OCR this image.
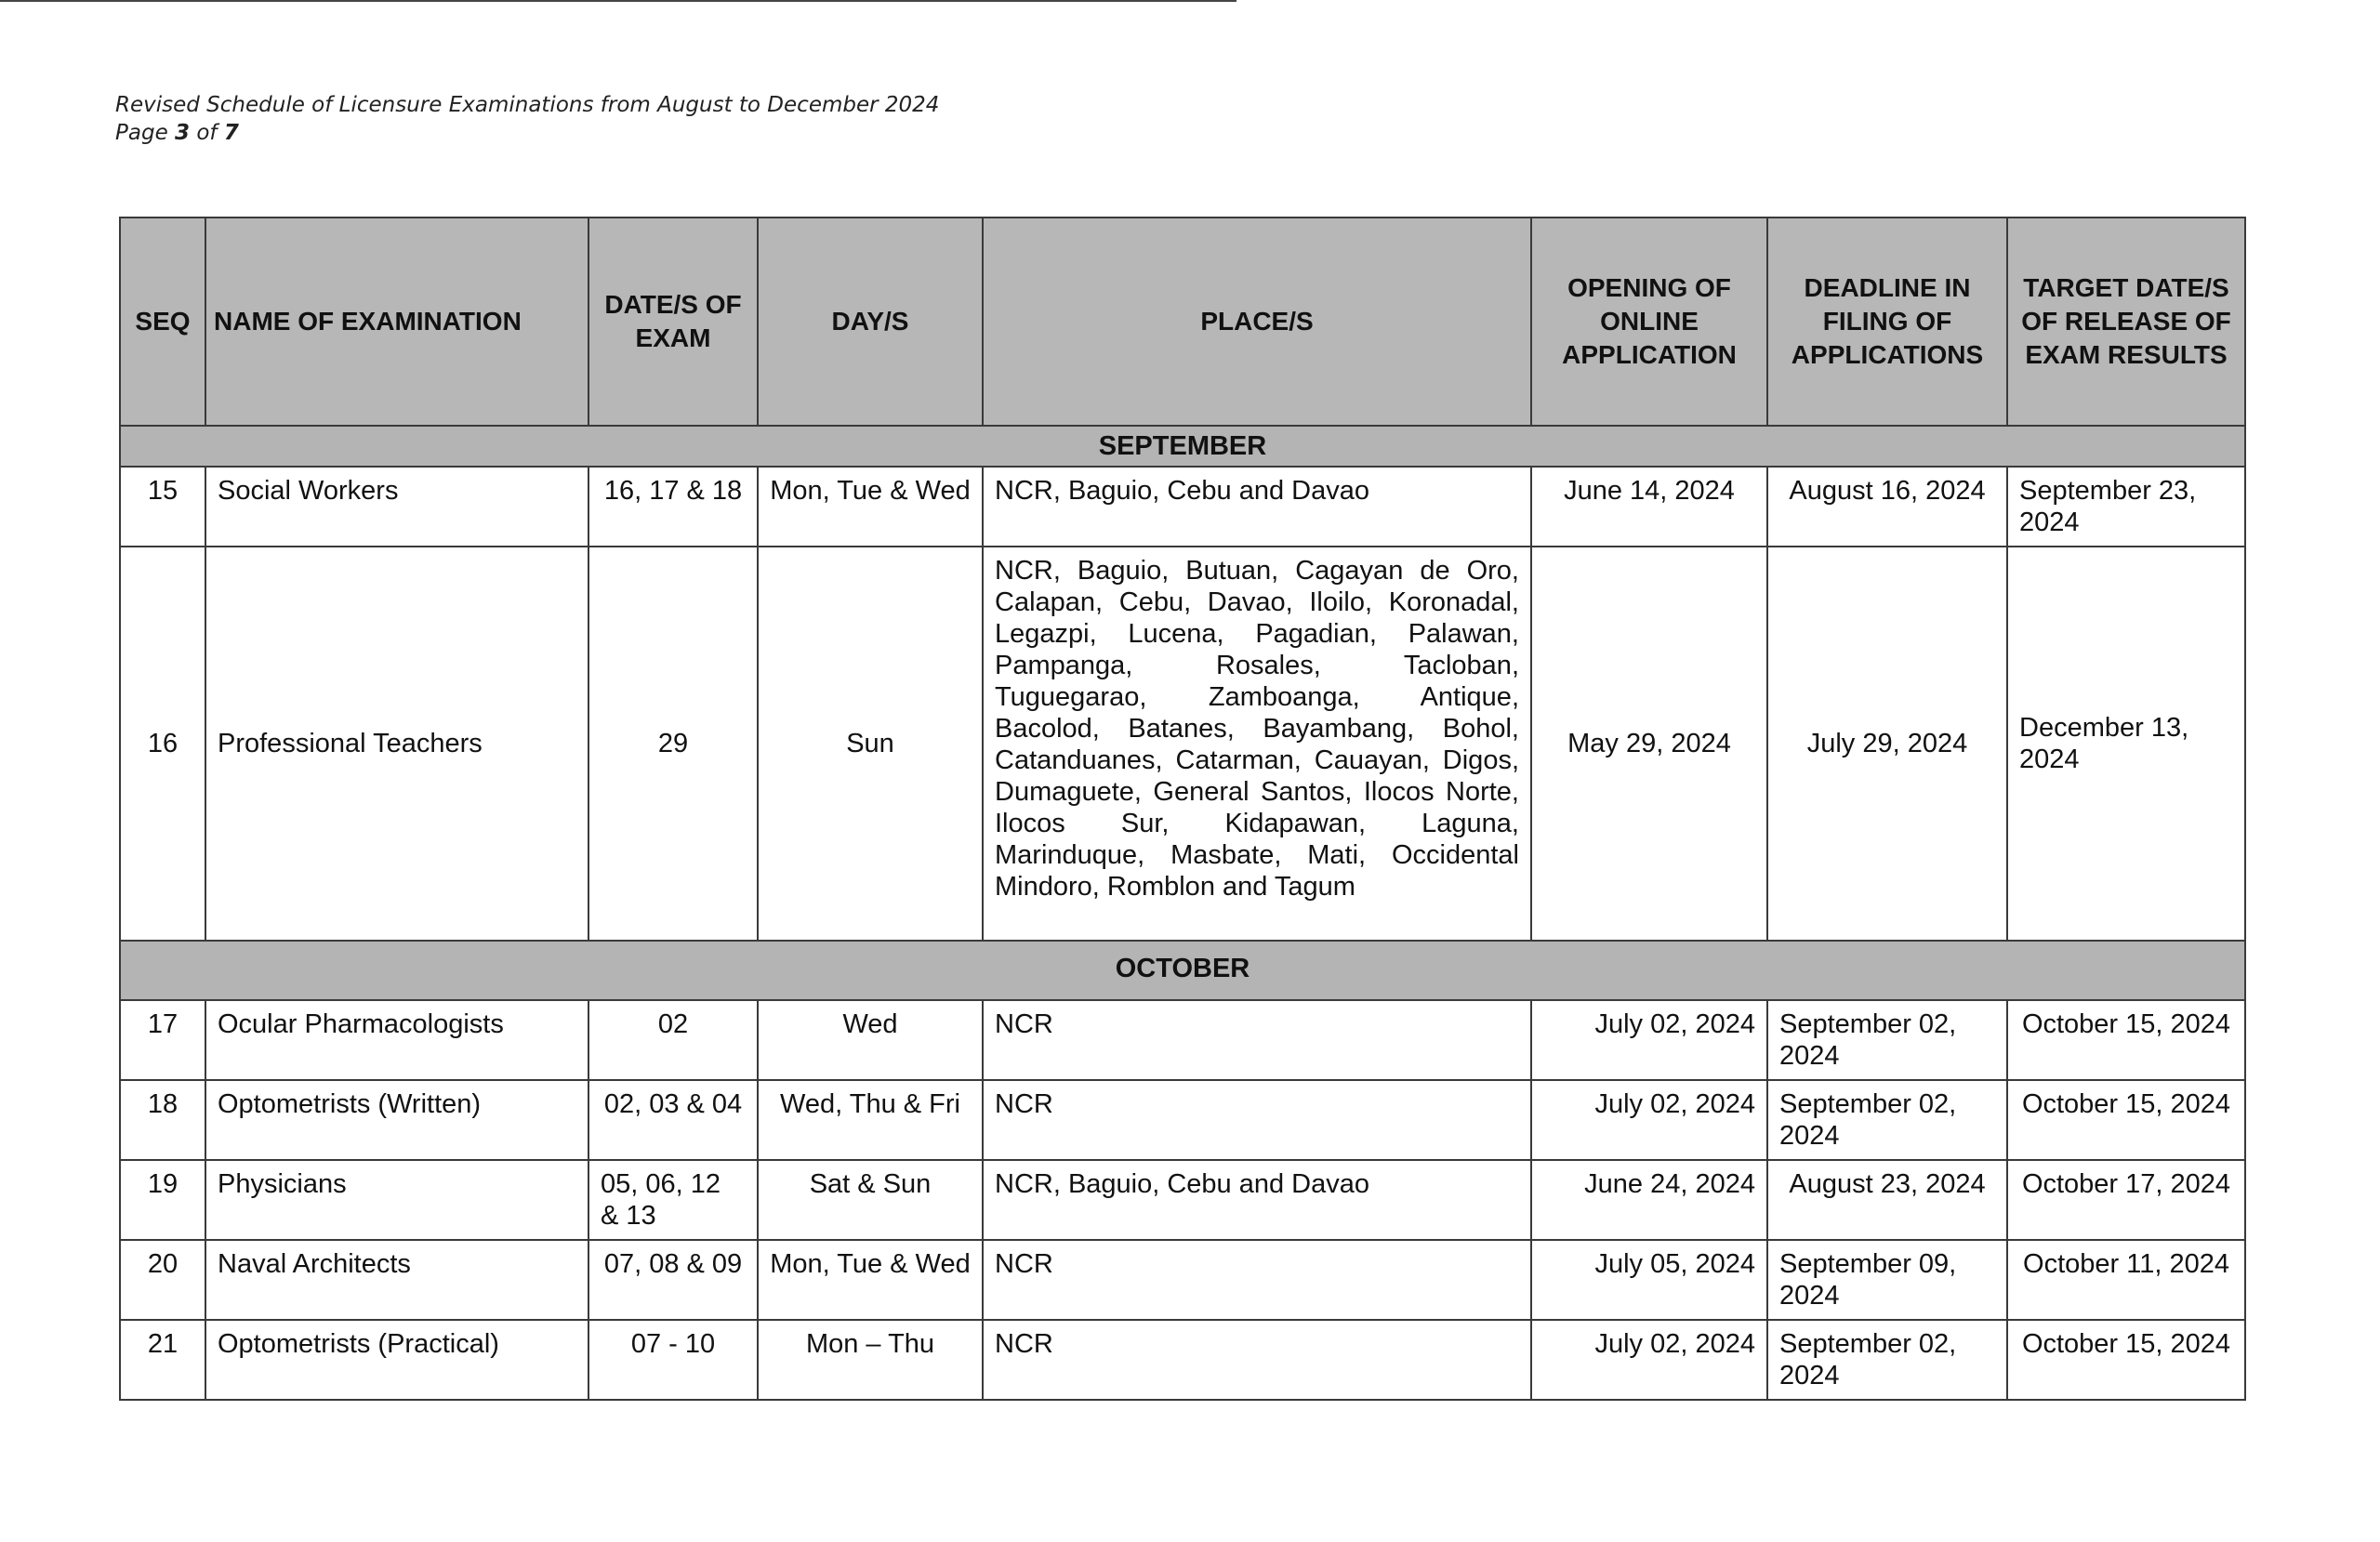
Revised Schedule of Licensure Examinations from August to December 2024
Page 3 of 7
SEQ	NAME OF EXAMINATION	DATE/S OF EXAM	DAY/S	PLACE/S	OPENING OF ONLINE APPLICATION	DEADLINE IN FILING OF APPLICATIONS	TARGET DATE/S OF RELEASE OF EXAM RESULTS
SEPTEMBER							
15	Social Workers	16, 17 & 18	Mon, Tue & Wed	NCR, Baguio, Cebu and Davao	June 14, 2024	August 16, 2024	September 23, 2024
16	Professional Teachers	29	Sun	NCR, Baguio, Butuan, Cagayan de Oro, Calapan, Cebu, Davao, Iloilo, Koronadal, Legazpi, Lucena, Pagadian, Palawan, Pampanga, Rosales, Tacloban, Tuguegarao, Zamboanga, Antique, Bacolod, Batanes, Bayambang, Bohol, Catanduanes, Catarman, Cauayan, Digos, Dumaguete, General Santos, Ilocos Norte, Ilocos Sur, Kidapawan, Laguna, Marinduque, Masbate, Mati, Occidental Mindoro, Romblon and Tagum	May 29, 2024	July 29, 2024	December 13, 2024
OCTOBER							
17	Ocular Pharmacologists	02	Wed	NCR	July 02, 2024	September 02, 2024	October 15, 2024
18	Optometrists (Written)	02, 03 & 04	Wed, Thu & Fri	NCR	July 02, 2024	September 02, 2024	October 15, 2024
19	Physicians	05, 06, 12 & 13	Sat & Sun	NCR, Baguio, Cebu and Davao	June 24, 2024	August 23, 2024	October 17, 2024
20	Naval Architects	07, 08 & 09	Mon, Tue & Wed	NCR	July 05, 2024	September 09, 2024	October 11, 2024
21	Optometrists (Practical)	07 - 10	Mon – Thu	NCR	July 02, 2024	September 02, 2024	October 15, 2024
